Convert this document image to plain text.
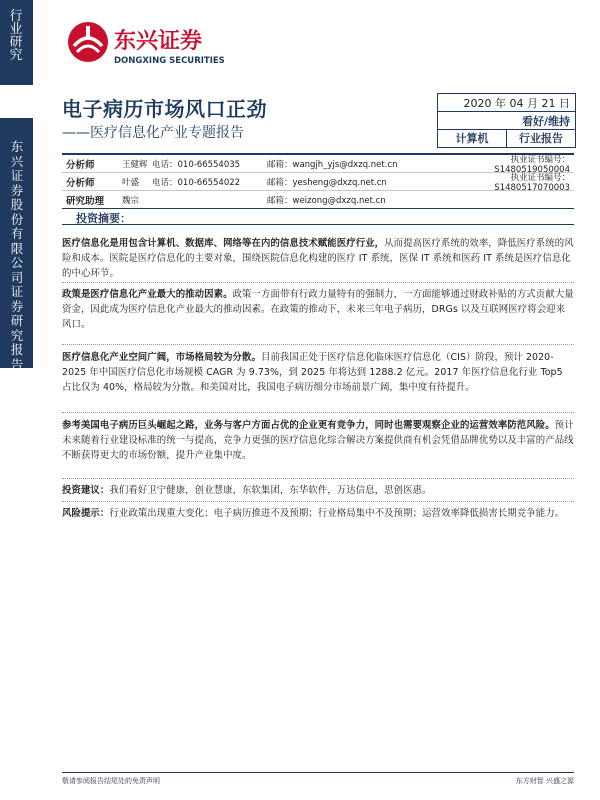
行业研究
东兴证券股份有限公司证券研究报告
东兴证券
DONGXING SECURITIES
电子病历市场风口正劲
——医疗信息化产业专题报告
2020 年 04 月 21 日
看好/维持
计算机	行业报告
分析师	王健辉 电话：010-66554035	邮箱：wangjh_yjs@dxzq.net.cn	执业证书编号：S1480519050004
分析师	叶盛	电话：010-66554022	邮箱：yesheng@dxzq.net.cn	执业证书编号：S1480517070003
研究助理	魏宗	邮箱：weizong@dxzq.net.cn
投资摘要：
医疗信息化是用包含计算机、数据库、网络等在内的信息技术赋能医疗行业，从而提高医疗系统的效率，降低医疗系统的风险和成本。医院是医疗信息化的主要对象，围绕医院信息化构建的医疗 IT 系统，医保 IT 系统和医药 IT 系统是医疗信息化的中心环节。
政策是医疗信息化产业最大的推动因素。政策一方面带有行政力量特有的强制力，一方面能够通过财政补贴的方式贡献大量资金，因此成为医疗信息化产业最大的推动因素。在政策的推动下，未来三年电子病历，DRGs 以及互联网医疗将会迎来风口。
医疗信息化产业空间广阔，市场格局较为分散。目前我国正处于医疗信息化临床医疗信息化（CIS）阶段，预计 2020-2025 年中国医疗信息化市场规模 CAGR 为 9.73%，到 2025 年将达到 1288.2 亿元。2017 年医疗信息化行业 Top5 占比仅为 40%，格局较为分散。和美国对比，我国电子病历细分市场前景广阔，集中度有待提升。
参考美国电子病历巨头崛起之路，业务与客户方面占优的企业更有竞争力，同时也需要观察企业的运营效率防范风险。预计未来随着行业建设标准的统一与提高，竞争力更强的医疗信息化综合解决方案提供商有机会凭借品牌优势以及丰富的产品线不断获得更大的市场份额，提升产业集中度。
投资建议：我们看好卫宁健康，创业慧康，东软集团，东华软件，万达信息，思创医惠。
风险提示：行业政策出现重大变化；电子病历推进不及预期；行业格局集中不及预期；运营效率降低损害长期竞争能力。
敬请参阅报告结尾处的免责声明	东方财智 兴盛之源
